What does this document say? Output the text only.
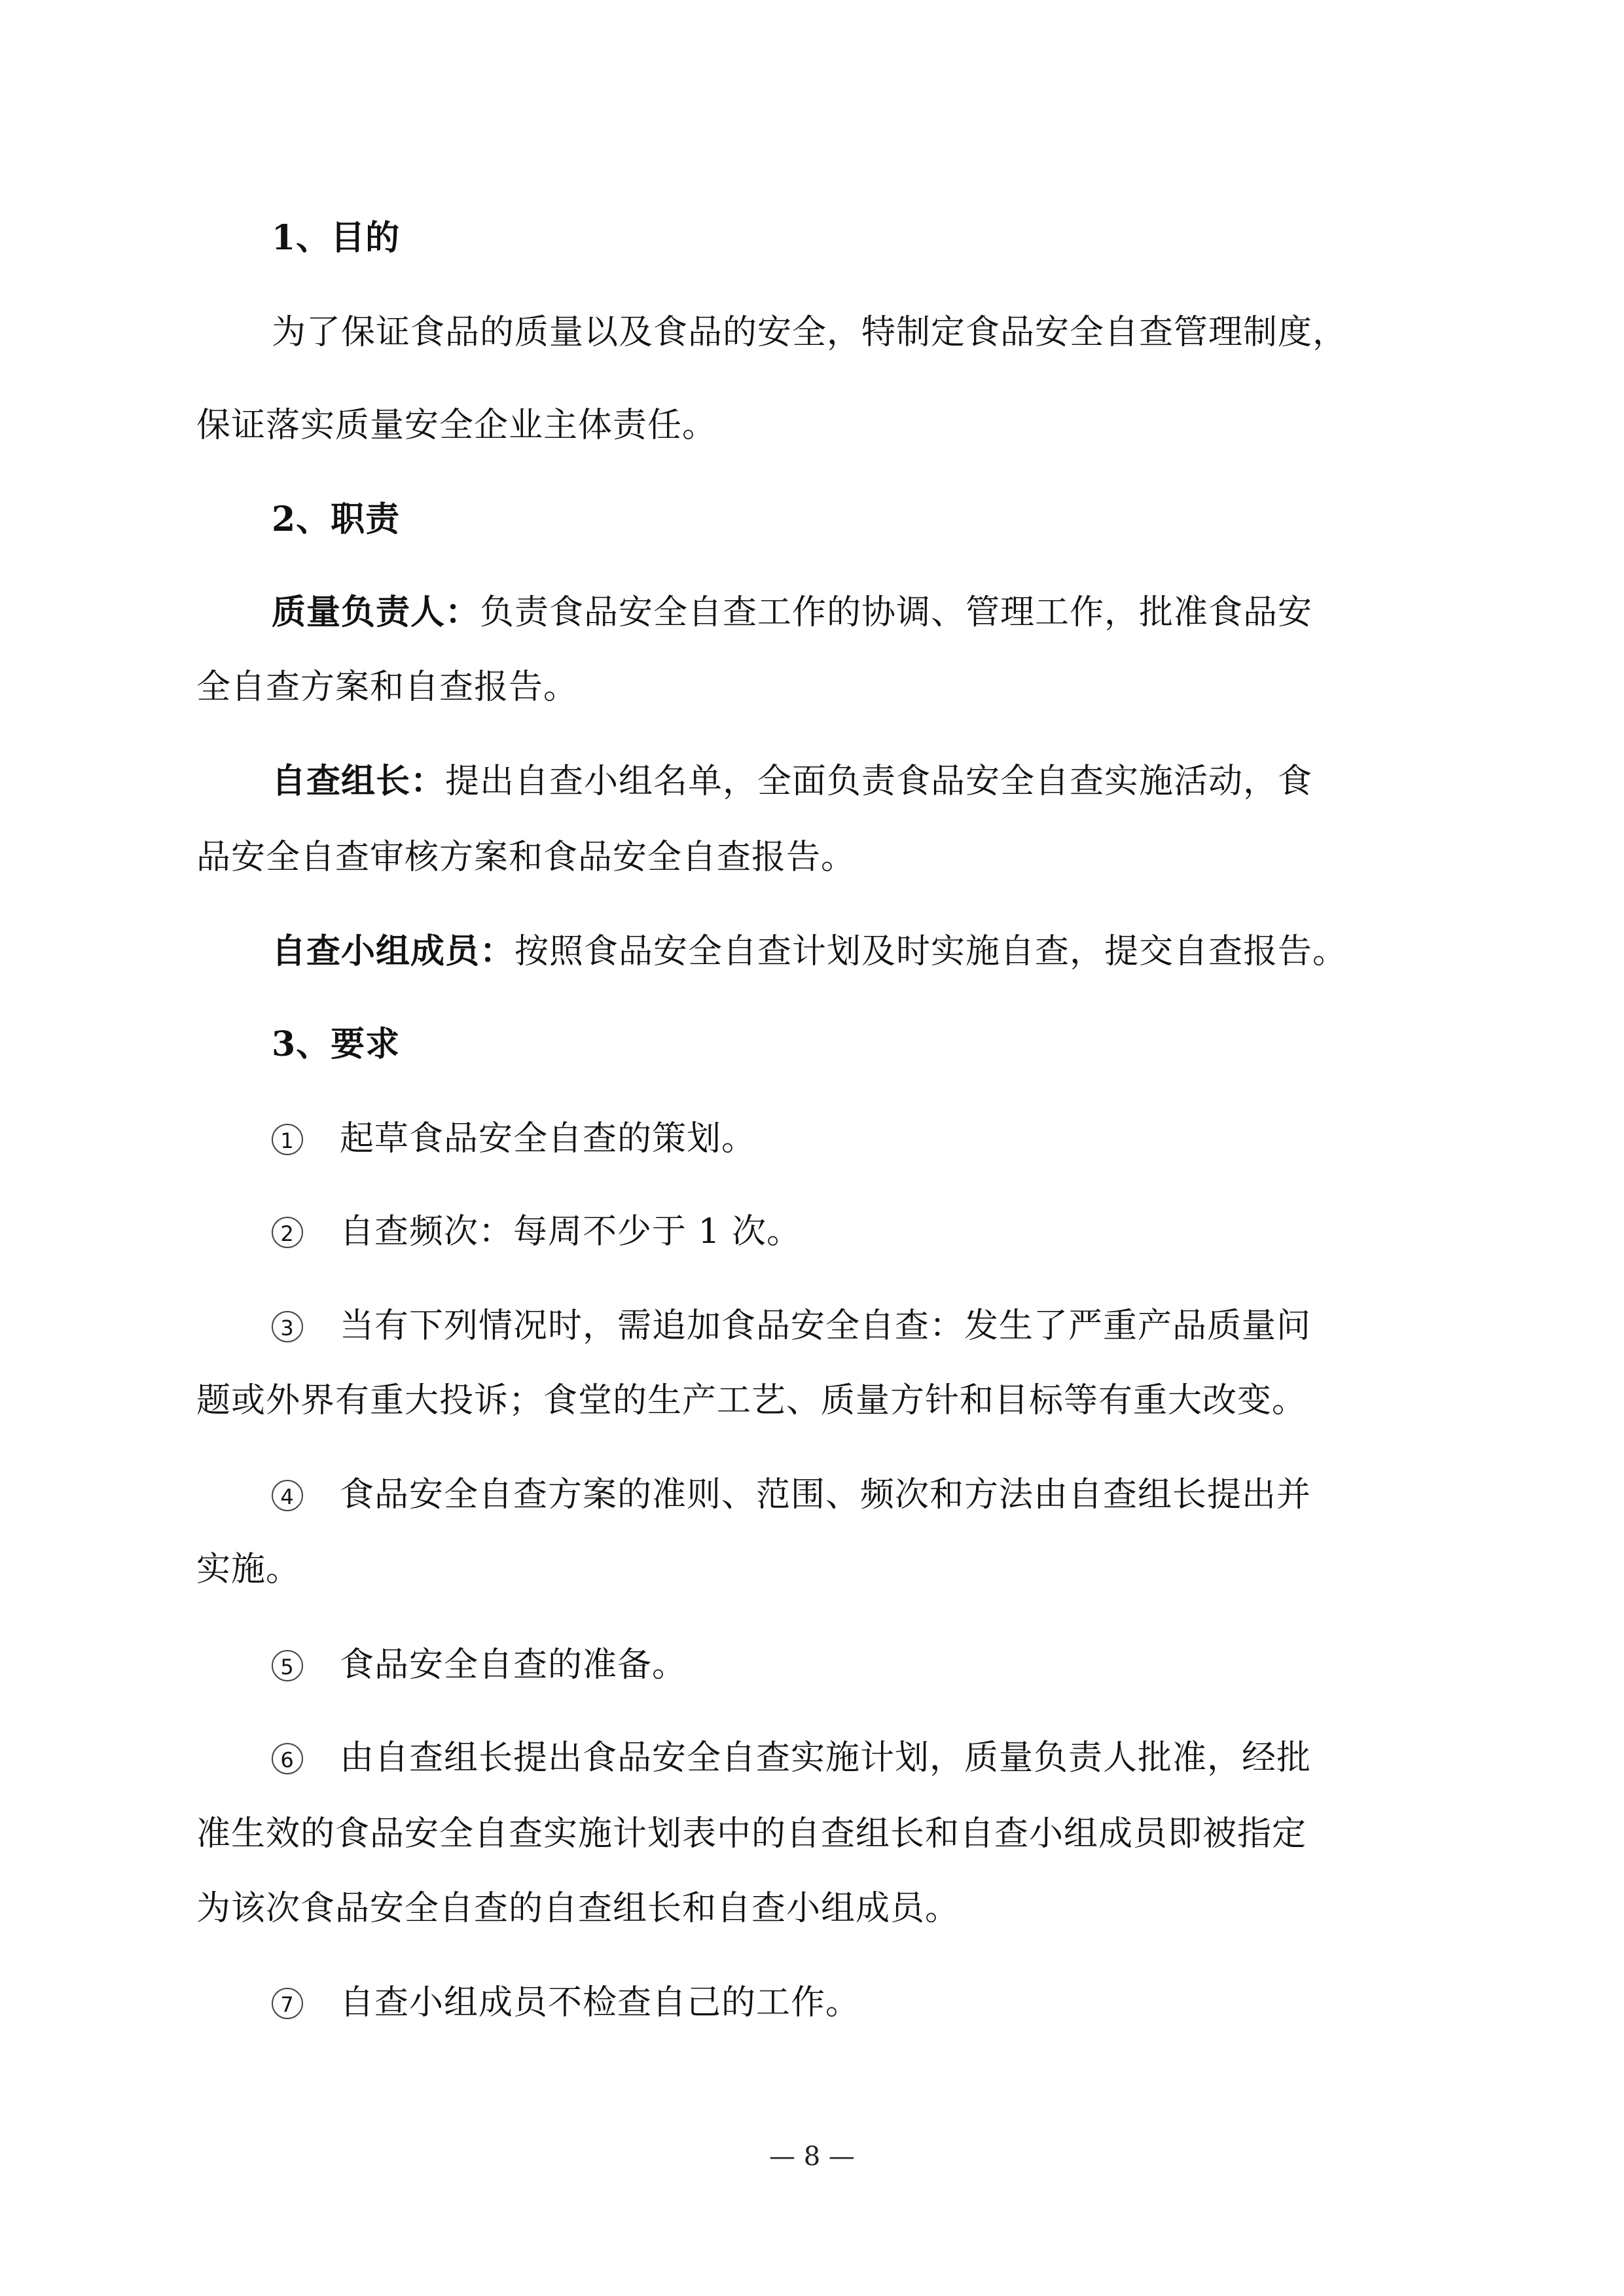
1、目的
为了保证食品的质量以及食品的安全，特制定食品安全自查管理制度，
保证落实质量安全企业主体责任。
2、职责
质量负责人：负责食品安全自查工作的协调、管理工作，批准食品安
全自查方案和自查报告。
自查组长：提出自查小组名单，全面负责食品安全自查实施活动，食
品安全自查审核方案和食品安全自查报告。
自查小组成员：按照食品安全自查计划及时实施自查，提交自查报告。
3、要求
1 起草食品安全自查的策划。
2 自查频次：每周不少于 1 次。
3 当有下列情况时，需追加食品安全自查：发生了严重产品质量问
题或外界有重大投诉；食堂的生产工艺、质量方针和目标等有重大改变。
4 食品安全自查方案的准则、范围、频次和方法由自查组长提出并
实施。
5 食品安全自查的准备。
6 由自查组长提出食品安全自查实施计划，质量负责人批准，经批
准生效的食品安全自查实施计划表中的自查组长和自查小组成员即被指定
为该次食品安全自查的自查组长和自查小组成员。
7 自查小组成员不检查自己的工作。
— 8 —
